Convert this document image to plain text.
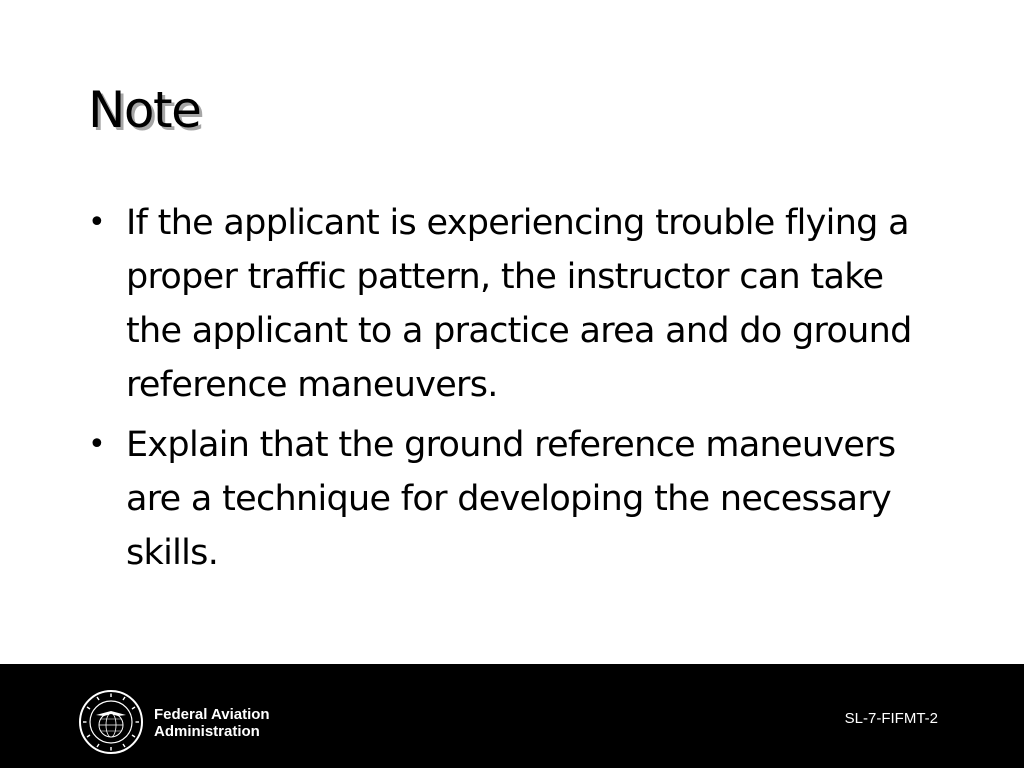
Note
• If the applicant is experiencing trouble flying a proper traffic pattern, the instructor can take the applicant to a practice area and do ground reference maneuvers.
• Explain that the ground reference maneuvers are a technique for developing the necessary skills.
Federal Aviation
Administration
SL-7-FIFMT-2
